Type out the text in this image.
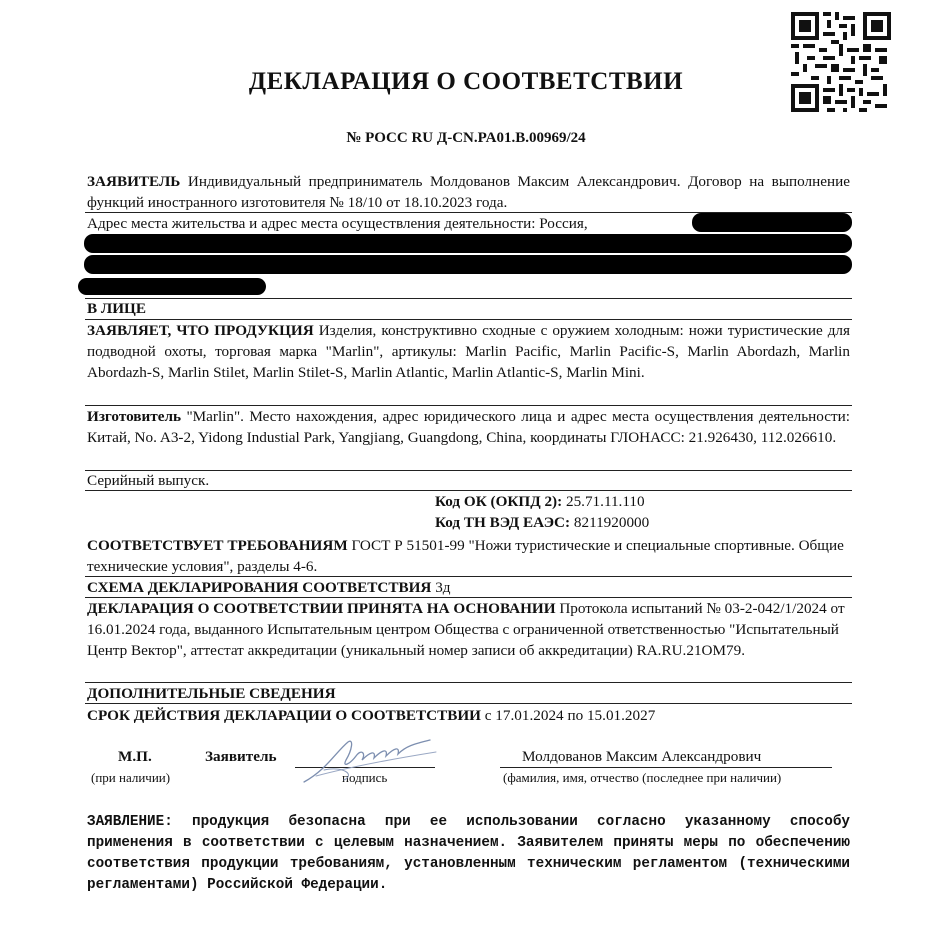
ДЕКЛАРАЦИЯ О СООТВЕТСТВИИ
№ РОСС RU Д-CN.PA01.B.00969/24
ЗАЯВИТЕЛЬ Индивидуальный предприниматель Молдованов Максим Александрович. Договор на выполнение функций иностранного изготовителя № 18/10 от 18.10.2023 года.
Адрес места жительства и адрес места осуществления деятельности: Россия,
В ЛИЦЕ
ЗАЯВЛЯЕТ, ЧТО ПРОДУКЦИЯ Изделия, конструктивно сходные с оружием холодным: ножи туристические для подводной охоты, торговая марка "Marlin", артикулы: Marlin Pacific, Marlin Pacific-S, Marlin Abordazh, Marlin Abordazh-S, Marlin Stilet, Marlin Stilet-S, Marlin Atlantic, Marlin Atlantic-S, Marlin Mini.
Изготовитель "Marlin". Место нахождения, адрес юридического лица и адрес места осуществления деятельности: Китай, No. A3-2, Yidong Industial Park, Yangjiang, Guangdong, China, координаты ГЛОНАСС: 21.926430, 112.026610.
Серийный выпуск.
Код ОК (ОКПД 2): 25.71.11.110
Код ТН ВЭД ЕАЭС: 8211920000
СООТВЕТСТВУЕТ ТРЕБОВАНИЯМ ГОСТ Р 51501-99 "Ножи туристические и специальные спортивные. Общие технические условия", разделы 4-6.
СХЕМА ДЕКЛАРИРОВАНИЯ СООТВЕТСТВИЯ 3д
ДЕКЛАРАЦИЯ О СООТВЕТСТВИИ ПРИНЯТА НА ОСНОВАНИИ Протокола испытаний № 03-2-042/1/2024 от 16.01.2024 года, выданного Испытательным центром Общества с ограниченной ответственностью "Испытательный Центр Вектор", аттестат аккредитации (уникальный номер записи об аккредитации) RA.RU.21ОМ79.
ДОПОЛНИТЕЛЬНЫЕ СВЕДЕНИЯ
СРОК ДЕЙСТВИЯ ДЕКЛАРАЦИИ О СООТВЕТСТВИИ с 17.01.2024 по 15.01.2027
М.П.
(при наличии)
Заявитель
подпись
Молдованов Максим Александрович
(фамилия, имя, отчество (последнее при наличии)
ЗАЯВЛЕНИЕ: продукция безопасна при ее использовании согласно указанному способу применения в соответствии с целевым назначением. Заявителем приняты меры по обеспечению соответствия продукции требованиям, установленным техническим регламентом (техническими регламентами) Российской Федерации.
